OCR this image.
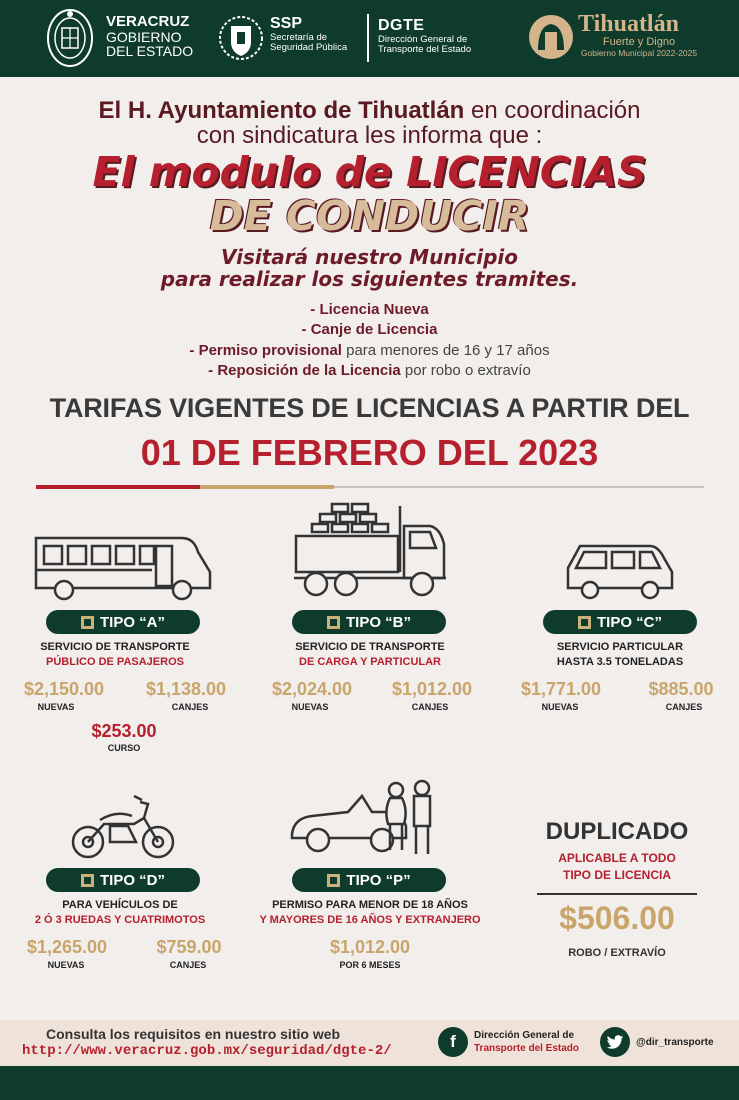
VERACRUZ
GOBIERNO
DEL ESTADO
SSP
Secretaría de
Seguridad Pública
DGTE
Dirección General de
Transporte del Estado
Tihuatlán
Fuerte y Digno
Gobierno Municipal 2022-2025
El H. Ayuntamiento de Tihuatlán en coordinación
con sindicatura les informa que :
El modulo de LICENCIAS
DE CONDUCIR
Visitará nuestro Municipio
para realizar los siguientes tramites.
- Licencia Nueva
- Canje de Licencia
- Permiso provisional para menores de 16 y 17 años
- Reposición de la Licencia por robo o extravío
TARIFAS VIGENTES DE LICENCIAS A PARTIR DEL
01 DE FEBRERO DEL 2023
TIPO “A”
SERVICIO DE TRANSPORTE
PÚBLICO DE PASAJEROS
$2,150.00
NUEVAS
$1,138.00
CANJES
$253.00
CURSO
TIPO “B”
SERVICIO DE TRANSPORTE
DE CARGA Y PARTICULAR
$2,024.00
NUEVAS
$1,012.00
CANJES
TIPO “C”
SERVICIO PARTICULAR
HASTA 3.5 TONELADAS
$1,771.00
NUEVAS
$885.00
CANJES
TIPO “D”
PARA VEHÍCULOS DE
2 Ó 3 RUEDAS Y CUATRIMOTOS
$1,265.00
NUEVAS
$759.00
CANJES
TIPO “P”
PERMISO PARA MENOR DE 18 AÑOS
Y MAYORES DE 16 AÑOS Y EXTRANJERO
$1,012.00
POR 6 MESES
DUPLICADO
APLICABLE A TODO
TIPO DE LICENCIA
$506.00
ROBO / EXTRAVÍO
Consulta los requisitos en nuestro sitio web
http://www.veracruz.gob.mx/seguridad/dgte-2/	f Dirección General de
Transporte del Estado
@dir_transporte
